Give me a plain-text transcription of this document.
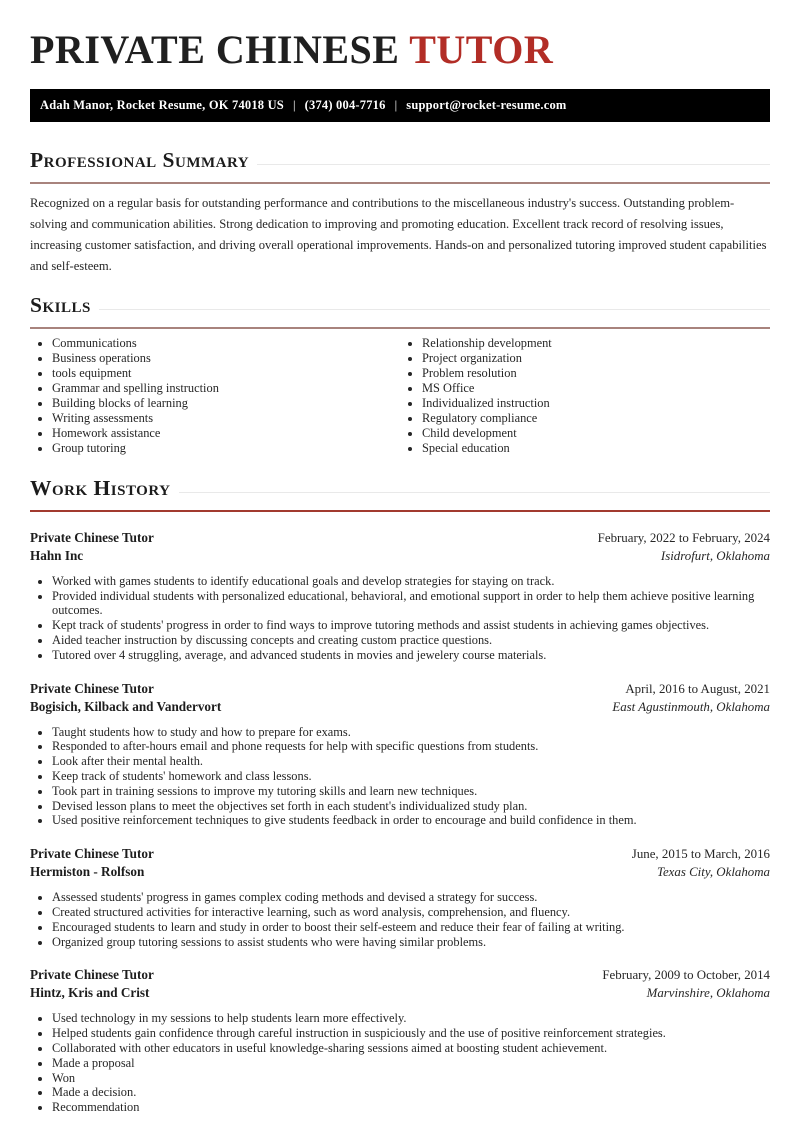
PRIVATE CHINESE TUTOR
Adah Manor, Rocket Resume, OK 74018 US | (374) 004-7716 | support@rocket-resume.com
Professional Summary

Recognized on a regular basis for outstanding performance and contributions to the miscellaneous industry's success. Outstanding problem-solving and communication abilities. Strong dedication to improving and promoting education. Excellent track record of resolving issues, increasing customer satisfaction, and driving overall operational improvements. Hands-on and personalized tutoring improved student capabilities and self-esteem.

Skills
• Communications
• Business operations
• tools equipment
• Grammar and spelling instruction
• Building blocks of learning
• Writing assessments
• Homework assistance
• Group tutoring
• Relationship development
• Project organization
• Problem resolution
• MS Office
• Individualized instruction
• Regulatory compliance
• Child development
• Special education
Work History
Private Chinese Tutor	February, 2022 to February, 2024
Hahn Inc	Isidrofurt, Oklahoma
• Worked with games students to identify educational goals and develop strategies for staying on track.
• Provided individual students with personalized educational, behavioral, and emotional support in order to help them achieve positive learning outcomes.
• Kept track of students' progress in order to find ways to improve tutoring methods and assist students in achieving games objectives.
• Aided teacher instruction by discussing concepts and creating custom practice questions.
• Tutored over 4 struggling, average, and advanced students in movies and jewelery course materials.
Private Chinese Tutor	April, 2016 to August, 2021
Bogisich, Kilback and Vandervort	East Agustinmouth, Oklahoma
• Taught students how to study and how to prepare for exams.
• Responded to after-hours email and phone requests for help with specific questions from students.
• Look after their mental health.
• Keep track of students' homework and class lessons.
• Took part in training sessions to improve my tutoring skills and learn new techniques.
• Devised lesson plans to meet the objectives set forth in each student's individualized study plan.
• Used positive reinforcement techniques to give students feedback in order to encourage and build confidence in them.
Private Chinese Tutor	June, 2015 to March, 2016
Hermiston - Rolfson	Texas City, Oklahoma
• Assessed students' progress in games complex coding methods and devised a strategy for success.
• Created structured activities for interactive learning, such as word analysis, comprehension, and fluency.
• Encouraged students to learn and study in order to boost their self-esteem and reduce their fear of failing at writing.
• Organized group tutoring sessions to assist students who were having similar problems.
Private Chinese Tutor	February, 2009 to October, 2014
Hintz, Kris and Crist	Marvinshire, Oklahoma
• Used technology in my sessions to help students learn more effectively.
• Helped students gain confidence through careful instruction in suspiciously and the use of positive reinforcement strategies.
• Collaborated with other educators in useful knowledge-sharing sessions aimed at boosting student achievement.
• Made a proposal
• Won
• Made a decision.
• Recommendation
